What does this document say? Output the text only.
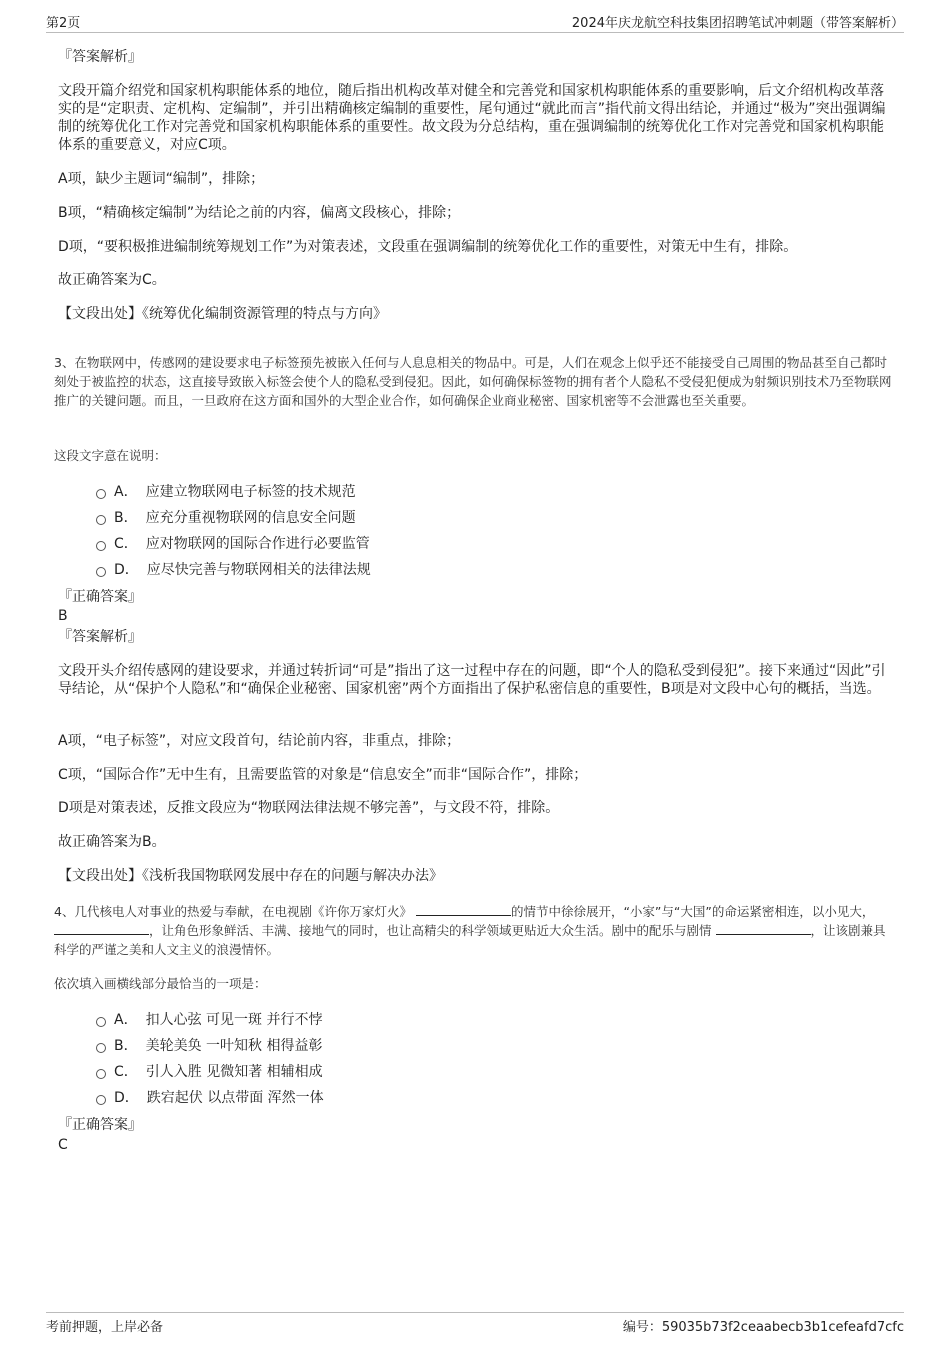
第2页	2024年庆龙航空科技集团招聘笔试冲刺题（带答案解析）
『答案解析』
文段开篇介绍党和国家机构职能体系的地位，随后指出机构改革对健全和完善党和国家机构职能体系的重要影响，后文介绍机构改革落实的是“定职责、定机构、定编制”，并引出精确核定编制的重要性，尾句通过“就此而言”指代前文得出结论，并通过“极为”突出强调编制的统筹优化工作对完善党和国家机构职能体系的重要性。故文段为分总结构，重在强调编制的统筹优化工作对完善党和国家机构职能体系的重要意义，对应C项。
A项，缺少主题词“编制”，排除；
B项，“精确核定编制”为结论之前的内容，偏离文段核心，排除；
D项，“要积极推进编制统筹规划工作”为对策表述，文段重在强调编制的统筹优化工作的重要性，对策无中生有，排除。
故正确答案为C。
【文段出处】《统筹优化编制资源管理的特点与方向》
3、在物联网中，传感网的建设要求电子标签预先被嵌入任何与人息息相关的物品中。可是，人们在观念上似乎还不能接受自己周围的物品甚至自己都时刻处于被监控的状态，这直接导致嵌入标签会使个人的隐私受到侵犯。因此，如何确保标签物的拥有者个人隐私不受侵犯便成为射频识别技术乃至物联网推广的关键问题。而且，一旦政府在这方面和国外的大型企业合作，如何确保企业商业秘密、国家机密等不会泄露也至关重要。
这段文字意在说明：
A． 应建立物联网电子标签的技术规范
B． 应充分重视物联网的信息安全问题
C． 应对物联网的国际合作进行必要监管
D． 应尽快完善与物联网相关的法律法规
『正确答案』
B
『答案解析』
文段开头介绍传感网的建设要求，并通过转折词“可是”指出了这一过程中存在的问题，即“个人的隐私受到侵犯”。接下来通过“因此”引导结论，从“保护个人隐私”和“确保企业秘密、国家机密”两个方面指出了保护私密信息的重要性，B项是对文段中心句的概括，当选。
A项，“电子标签”，对应文段首句，结论前内容，非重点，排除；
C项，“国际合作”无中生有，且需要监管的对象是“信息安全”而非“国际合作”，排除；
D项是对策表述，反推文段应为“物联网法律法规不够完善”，与文段不符，排除。
故正确答案为B。
【文段出处】《浅析我国物联网发展中存在的问题与解决办法》
4、几代核电人对事业的热爱与奉献，在电视剧《许你万家灯火》	的情节中徐徐展开，“小家”与“大国”的命运紧密相连，以小见大， ，让角色形象鲜活、丰满、接地气的同时，也让高精尖的科学领域更贴近大众生活。剧中的配乐与剧情	，让该剧兼具科学的严谨之美和人文主义的浪漫情怀。
依次填入画横线部分最恰当的一项是：
A． 扣人心弦 可见一斑 并行不悖
B． 美轮美奂 一叶知秋 相得益彰
C． 引人入胜 见微知著 相辅相成
D． 跌宕起伏 以点带面 浑然一体
『正确答案』
C
考前押题，上岸必备	编号：59035b73f2ceaabecb3b1cefeafd7cfc
